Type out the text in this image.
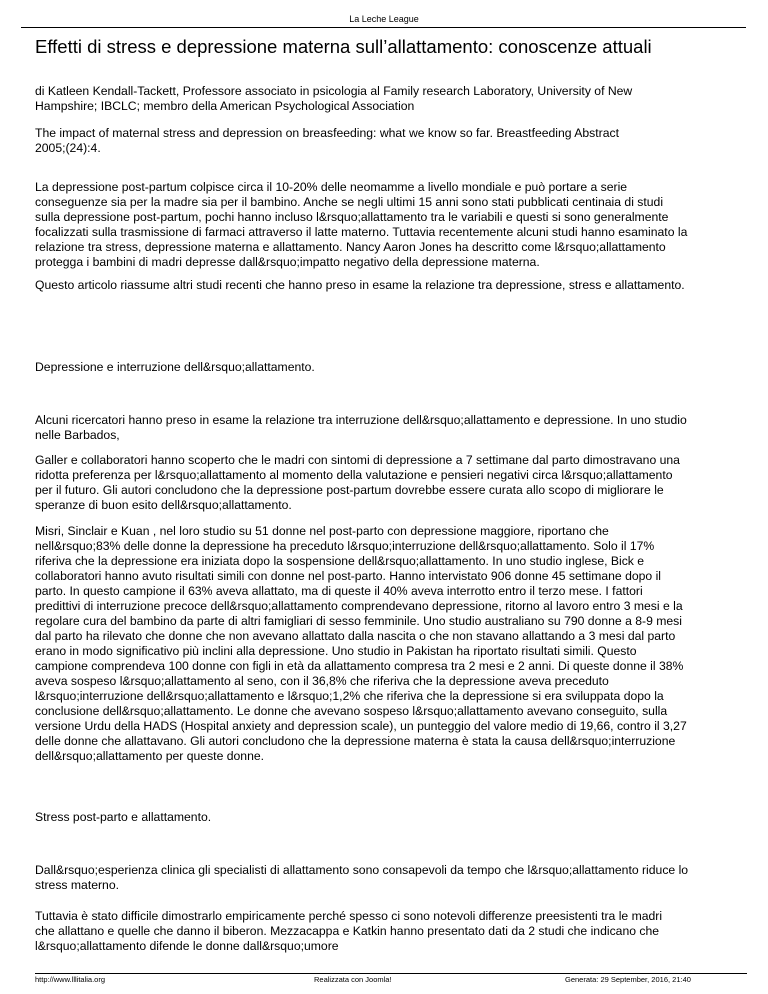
La Leche League
Effetti di stress e depressione materna sull’allattamento: conoscenze attuali
di Katleen Kendall-Tackett, Professore associato in psicologia al Family research Laboratory, University of New
Hampshire; IBCLC; membro della American Psychological Association
The impact of maternal stress and depression on breasfeeding: what we know so far. Breastfeeding Abstract
2005;(24):4.
La depressione post-partum colpisce circa il 10-20% delle neomamme a livello mondiale e può portare a serie
conseguenze sia per la madre sia per il bambino. Anche se negli ultimi 15 anni sono stati pubblicati centinaia di studi
sulla depressione post-partum, pochi hanno incluso l&rsquo;allattamento tra le variabili e questi si sono generalmente
focalizzati sulla trasmissione di farmaci attraverso il latte materno. Tuttavia recentemente alcuni studi hanno esaminato la
relazione tra stress, depressione materna e allattamento. Nancy Aaron Jones ha descritto come l&rsquo;allattamento
protegga i bambini di madri depresse dall&rsquo;impatto negativo della depressione materna.
Questo articolo riassume altri studi recenti che hanno preso in esame la relazione tra depressione, stress e allattamento.
Depressione e interruzione dell&rsquo;allattamento.
Alcuni ricercatori hanno preso in esame la relazione tra interruzione dell&rsquo;allattamento e depressione. In uno studio
nelle Barbados,
Galler e collaboratori hanno scoperto che le madri con sintomi di depressione a 7 settimane dal parto dimostravano una
ridotta preferenza per l&rsquo;allattamento al momento della valutazione e pensieri negativi circa l&rsquo;allattamento
per il futuro. Gli autori concludono che la depressione post-partum dovrebbe essere curata allo scopo di migliorare le
speranze di buon esito dell&rsquo;allattamento.
Misri, Sinclair e Kuan , nel loro studio su 51 donne nel post-parto con depressione maggiore, riportano che
nell&rsquo;83% delle donne la depressione ha preceduto l&rsquo;interruzione dell&rsquo;allattamento. Solo il 17%
riferiva che la depressione era iniziata dopo la sospensione dell&rsquo;allattamento. In uno studio inglese, Bick e
collaboratori hanno avuto risultati simili con donne nel post-parto. Hanno intervistato 906 donne 45 settimane dopo il
parto. In questo campione il 63% aveva allattato, ma di queste il 40% aveva interrotto entro il terzo mese. I fattori
predittivi di interruzione precoce dell&rsquo;allattamento comprendevano depressione, ritorno al lavoro entro 3 mesi e la
regolare cura del bambino da parte di altri famigliari di sesso femminile. Uno studio australiano su 790 donne a 8-9 mesi
dal parto ha rilevato che donne che non avevano allattato dalla nascita o che non stavano allattando a 3 mesi dal parto
erano in modo significativo più inclini alla depressione. Uno studio in Pakistan ha riportato risultati simili. Questo
campione comprendeva 100 donne con figli in età da allattamento compresa tra 2 mesi e 2 anni. Di queste donne il 38%
aveva sospeso l&rsquo;allattamento al seno, con il 36,8% che riferiva che la depressione aveva preceduto
l&rsquo;interruzione dell&rsquo;allattamento e l&rsquo;1,2% che riferiva che la depressione si era sviluppata dopo la
conclusione dell&rsquo;allattamento. Le donne che avevano sospeso l&rsquo;allattamento avevano conseguito, sulla
versione Urdu della HADS (Hospital anxiety and depression scale), un punteggio del valore medio di 19,66, contro il 3,27
delle donne che allattavano. Gli autori concludono che la depressione materna è stata la causa dell&rsquo;interruzione
dell&rsquo;allattamento per queste donne.
Stress post-parto e allattamento.
Dall&rsquo;esperienza clinica gli specialisti di allattamento sono consapevoli da tempo che l&rsquo;allattamento riduce lo
stress materno.
Tuttavia è stato difficile dimostrarlo empiricamente perché spesso ci sono notevoli differenze preesistenti tra le madri
che allattano e quelle che danno il biberon. Mezzacappa e Katkin hanno presentato dati da 2 studi che indicano che
l&rsquo;allattamento difende le donne dall&rsquo;umore
http://www.lllitalia.org	Realizzata con Joomla!	Generata: 29 September, 2016, 21:40
